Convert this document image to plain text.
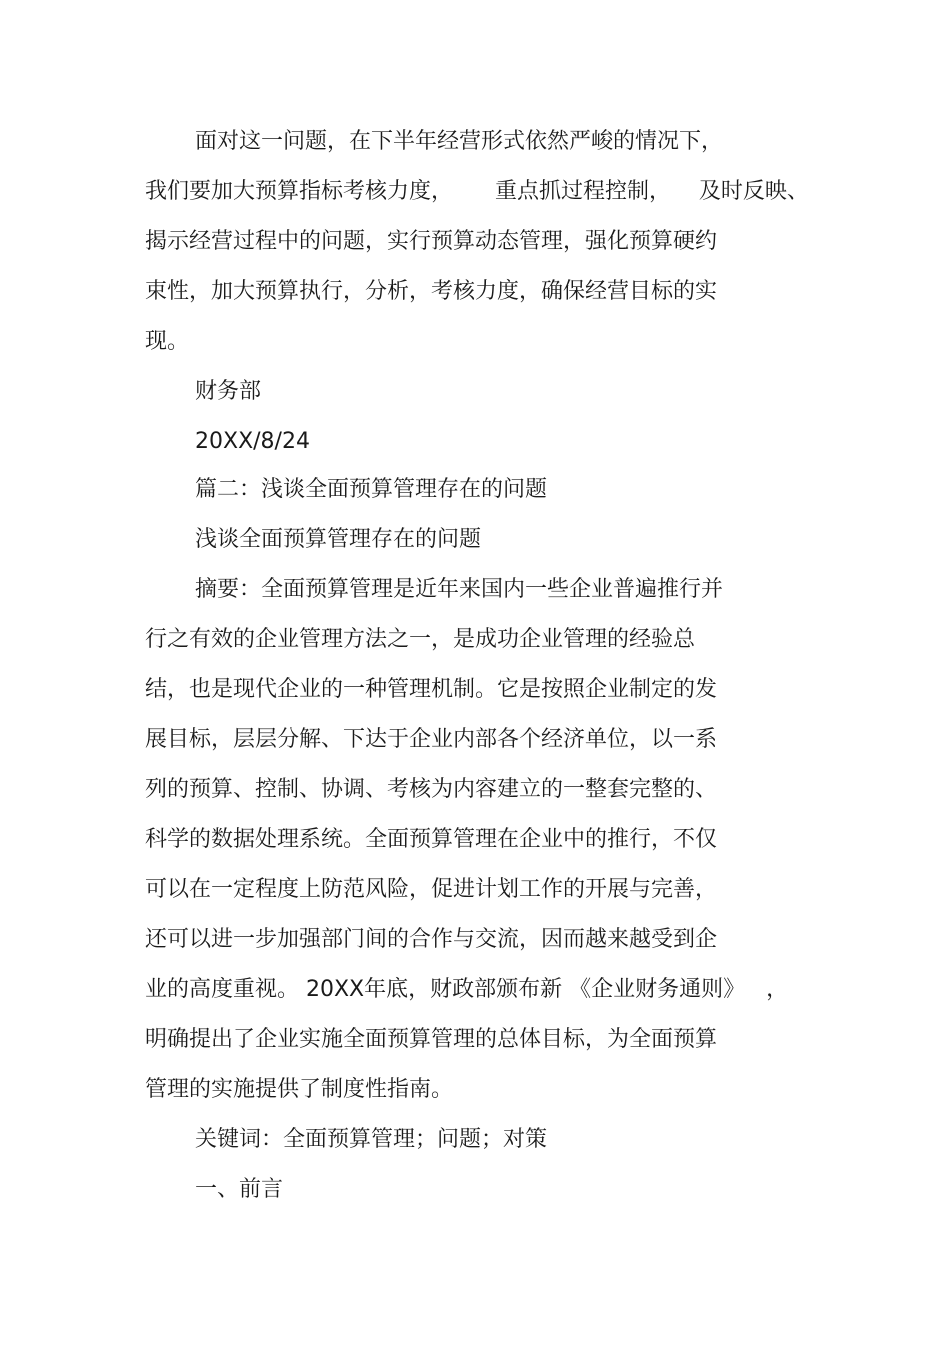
面对这一问题，在下半年经营形式依然严峻的情况下，

我们要加大预算指标考核力度，      重点抓过程控制，    及时反映、

揭示经营过程中的问题，实行预算动态管理，强化预算硬约

束性，加大预算执行，分析，考核力度，确保经营目标的实

现。

财务部

20XX/8/24

篇二：浅谈全面预算管理存在的问题

浅谈全面预算管理存在的问题

摘要：全面预算管理是近年来国内一些企业普遍推行并

行之有效的企业管理方法之一，是成功企业管理的经验总

结，也是现代企业的一种管理机制。它是按照企业制定的发

展目标，层层分解、下达于企业内部各个经济单位，以一系

列的预算、控制、协调、考核为内容建立的一整套完整的、

科学的数据处理系统。全面预算管理在企业中的推行，不仅

可以在一定程度上防范风险，促进计划工作的开展与完善，

还可以进一步加强部门间的合作与交流，因而越来越受到企

业的高度重视。 20XX年底，财政部颁布新 《企业财务通则》   ，

明确提出了企业实施全面预算管理的总体目标，为全面预算

管理的实施提供了制度性指南。

关键词：全面预算管理；问题；对策

一、前言
